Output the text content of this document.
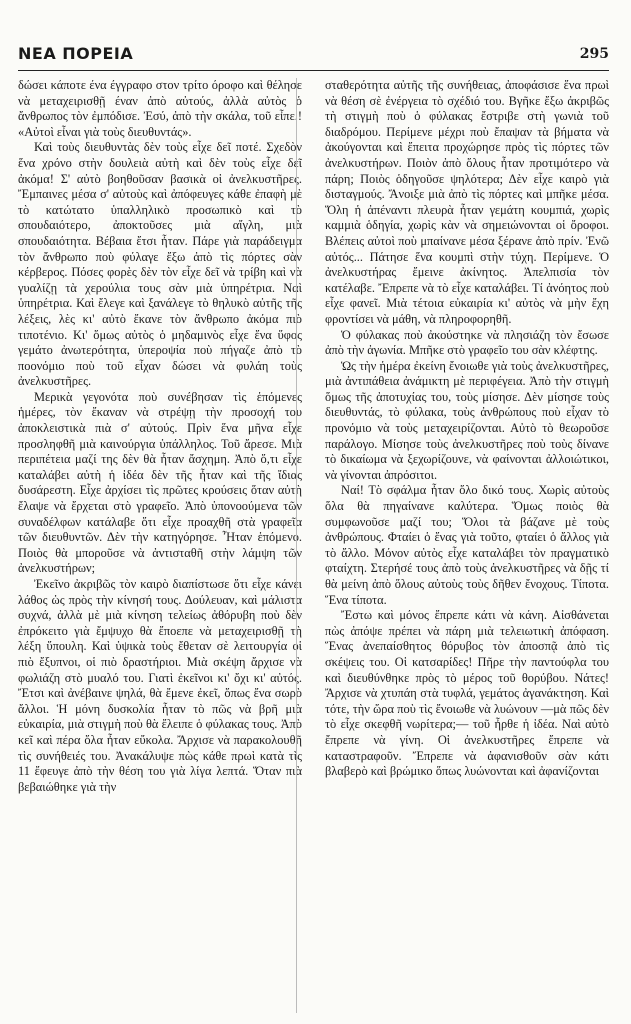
ΝΕΑ ΠΟΡΕΙΑ	295

δώσει κάποτε ένα έγγραφο στον τρίτο όροφο καὶ θέλησε νὰ μεταχειρισθῇ έναν ἀπὸ αὐτούς, ἀλλὰ αὐτὸς ὁ ἄνθρωπος τὸν ἐμπόδισε. Ἐσύ, ἀπὸ τὴν σκάλα, τοῦ εἶπε.! «Αὐτοὶ εἶναι γιὰ τοὺς διευθυντάς».

Καὶ τοὺς διευθυντὰς δὲν τοὺς εἶχε δεῖ ποτέ. Σχεδὸν ἕνα χρόνο στὴν δουλειὰ αὐτὴ καὶ δὲν τοὺς εἶχε δεῖ ἀκόμα! Σ' αὐτὸ βοηθοῦσαν βασικὰ οἱ ἀνελκυστῆρες. Ἔμπαινες μέσα σ' αὐτοὺς καὶ ἀπόφευγες κάθε ἐπαφὴ μὲ τὸ κατώτατο ὑπαλληλικὸ προσωπικὸ καὶ τὸ σπουδαιότερο, ἀποκτοῦσες μιὰ αἴγλη, μιὰ σπουδαιότητα. Βέβαια ἔτσι ἦταν. Πάρε γιὰ παράδειγμα τὸν ἄνθρωπο ποὺ φύλαγε ἔξω ἀπὸ τὶς πόρτες σὰν κέρβερος. Πόσες φορὲς δὲν τὸν εἶχε δεῖ νὰ τρίβη καὶ νὰ γυαλίζῃ τὰ χερούλια τους σὰν μιὰ ὑπηρέτρια. Ναὶ ὑπηρέτρια. Καὶ ἔλεγε καὶ ξανάλεγε τὸ θηλυκὸ αὐτῆς τῆς λέξεις, λὲς κι' αὐτὸ ἔκανε τὸν ἄνθρωπο ἀκόμα πιὸ τιποτένιο. Κι' ὅμως αὐτὸς ὁ μηδαμινὸς εἶχε ἕνα ὕφος γεμάτο ἀνωτερότητα, ὑπεροψία ποὺ πήγαζε ἀπὸ τὸ ποονόμιο ποὺ τοῦ εἶχαν δώσει νὰ φυλάη τοὺς ἀνελκυστῆρες.

Μερικὰ γεγονότα ποὺ συνέβησαν τὶς ἑπόμενες ἡμέρες, τὸν ἔκαναν νὰ στρέψῃ τὴν προσοχή του ἀποκλειστικὰ πιὰ σ' αὐτούς. Πρὶν ἕνα μῆνα εἶχε προσληφθῆ μιὰ καινούργια ὑπάλληλος. Τοῦ ἄρεσε. Μιὰ περιπέτεια μαζί της δὲν θὰ ἦταν ἄσχημη. Ἀπὸ ὅ,τι εἶχε καταλάβει αὐτὴ ἡ ἰδέα δὲν τῆς ἦταν καὶ τῆς ἴδιας δυσάρεστη. Εἶχε ἀρχίσει τὶς πρῶτες κρούσεις ὅταν αὐτὴ ἔλαψε νὰ ἔρχεται στὸ γραφεῖο. Ἀπὸ ὑπονοούμενα τῶν συναδέλφων κατάλαβε ὅτι εἶχε προαχθῆ στὰ γραφεῖα τῶν διευθυντῶν. Δὲν τὴν κατηγόρησε. Ἦταν ἑπόμενο. Ποιὸς θὰ μποροῦσε νὰ ἀντισταθῆ στὴν λάμψη τῶν ἀνελκυστήρων;

Ἐκεῖνο ἀκριβῶς τὸν καιρὸ διαπίστωσε ὅτι εἶχε κάνει λάθος ὡς πρὸς τὴν κίνησή τους. Δούλευαν, καὶ μάλιστα συχνά, ἀλλὰ μὲ μιὰ κίνηση τελείως ἀθόρυβη ποὺ δὲν ἐπρόκειτο γιὰ ἔμψυχο θὰ ἔποεπε νὰ μεταχειρισθῇ τὴ λέξη ὕπουλη. Καὶ ὑψικὰ τοὺς ἔθεταν σὲ λειτουργία οἱ πιὸ ἔξυπνοι, οἱ πιὸ δραστήριοι. Μιὰ σκέψη ἄρχισε νὰ φωλιάζη στὸ μυαλό του. Γιατὶ ἐκεῖνοι κι' ὄχι κι' αὐτός. Ἔτσι καὶ ἀνέβαινε ψηλά, θὰ ἔμενε ἐκεῖ, ὅπως ἔνα σωρὸ ἄλλοι. Ἡ μόνη δυσκολία ἦταν τὸ πῶς νὰ βρῆ μιὰ εὐκαιρία, μιὰ στιγμὴ ποὺ θὰ ἔλειπε ὁ φύλακας τους. Ἀπὸ κεῖ καὶ πέρα ὅλα ἦταν εὔκολα. Ἄρχισε νὰ παρακολουθῆ τὶς συνήθειές του. Ἀνακάλυψε πὼς κάθε πρωὶ κατὰ τὶς 11 ἔφευγε ἀπὸ τὴν θέση του γιὰ λίγα λεπτά. Ὅταν πιὰ βεβαιώθηκε γιὰ τὴν

σταθερότητα αὐτῆς τῆς συνήθειας, ἀποφάσισε ἕνα πρωὶ νὰ θέση σὲ ἐνέργεια τὸ σχέδιό του. Βγῆκε ἔξω ἀκριβῶς τὴ στιγμὴ ποὺ ὁ φύλακας ἔστριβε στὴ γωνιὰ τοῦ διαδρόμου. Περίμενε μέχρι ποὺ ἔπαψαν τὰ βήματα νὰ ἀκούγονται καὶ ἔπειτα προχώρησε πρὸς τὶς πόρτες τῶν ἀνελκυστήρων. Ποιὸν ἀπὸ ὅλους ἦταν προτιμότερο νὰ πάρη; Ποιὸς ὁδηγοῦσε ψηλότερα; Δὲν εἶχε καιρὸ γιὰ δισταγμούς. Ἄνοιξε μιὰ ἀπὸ τὶς πόρτες καὶ μπῆκε μέσα. Ὅλη ἡ ἀπέναντι πλευρὰ ἦταν γεμάτη κουμπιά, χωρὶς καμμιὰ ὁδηγία, χωρὶς κὰν νὰ σημειώνονται οἱ ὄροφοι. Βλέπεις αὐτοὶ ποὺ μπαίνανε μέσα ξέρανε ἀπὸ πρίν. Ἐνῶ αὐτός... Πάτησε ἕνα κουμπὶ στὴν τύχη. Περίμενε. Ὁ ἀνελκυστήρας ἔμεινε ἀκίνητος. Ἀπελπισία τὸν κατέλαβε. Ἔπρεπε νὰ τὸ εἶχε καταλάβει. Τί ἀνόητος ποὺ εἶχε φανεῖ. Μιὰ τέτοια εὐκαιρία κι' αὐτὸς νὰ μὴν ἔχη φροντίσει νὰ μάθη, νὰ πληροφορηθῆ.

Ὁ φύλακας ποὺ ἀκούστηκε νὰ πλησιάζη τὸν ἔσωσε ἀπὸ τὴν ἀγωνία. Μπῆκε στὸ γραφεῖο του σὰν κλέφτης.

Ὡς τὴν ἡμέρα ἐκείνη ἔνοιωθε γιὰ τοὺς ἀνελκυστῆρες, μιὰ ἀντιπάθεια ἀνάμικτη μὲ περιφέγεια. Ἀπὸ τὴν στιγμὴ ὅμως τῆς ἀποτυχίας του, τοὺς μίσησε. Δὲν μίσησε τοὺς διευθυντάς, τὸ φύλακα, τοὺς ἀνθρώπους ποὺ εἶχαν τὸ προνόμιο νὰ τοὺς μεταχειρίζονται. Αὐτὸ τὸ θεωροῦσε παράλογο. Μίσησε τοὺς ἀνελκυστῆρες ποὺ τοὺς δίνανε τὸ δικαίωμα νὰ ξεχωρίζουνε, νὰ φαίνονται ἀλλοιώτικοι, νὰ γίνονται ἀπρόσιτοι.

Ναί! Τὸ σφάλμα ἦταν ὅλο δικό τους. Χωρὶς αὐτοὺς ὅλα θὰ πηγαίνανε καλύτερα. Ὅμως ποιὸς θὰ συμφωνοῦσε μαζί του; Ὅλοι τὰ βάζανε μὲ τοὺς ἀνθρώπους. Φταίει ὁ ἕνας γιὰ τοῦτο, φταίει ὁ ἄλλος γιὰ τὸ ἄλλο. Μόνον αὐτὸς εἶχε καταλάβει τὸν πραγματικὸ φταίχτη. Στερήσέ τους ἀπὸ τοὺς ἀνελκυστῆρες νὰ δῇς τί θὰ μείνη ἀπὸ ὅλους αὐτοὺς τοὺς δῆθεν ἔνοχους. Τίποτα. Ἕνα τίποτα.

Ἔστω καὶ μόνος ἔπρεπε κάτι νὰ κάνη. Αἰσθάνεται πὼς ἀπόψε πρέπει νὰ πάρη μιὰ τελειωτικὴ ἀπόφαση. Ἕνας ἀνεπαίσθητος θόρυβος τὸν ἀποσπᾷ ἀπὸ τὶς σκέψεις του. Οἱ κατσαρίδες! Πῆρε τὴν παντούφλα του καὶ διευθύνθηκε πρὸς τὸ μέρος τοῦ θορύβου. Νάτες! Ἄρχισε νὰ χτυπάη στὰ τυφλά, γεμάτος ἀγανάκτηση. Καὶ τότε, τὴν ὥρα ποὺ τὶς ἔνοιωθε νὰ λυώνουν —μὰ πῶς δὲν τὸ εἶχε σκεφθῆ νωρίτερα;— τοῦ ἦρθε ἡ ἰδέα. Ναὶ αὐτὸ ἔπρεπε νὰ γίνη. Οἱ ἀνελκυστῆρες ἔπρεπε νὰ καταστραφοῦν. Ἔπρεπε νὰ ἀφανισθοῦν σὰν κάτι βλαβερὸ καὶ βρώμικο ὅπως λυώνονται καὶ ἀφανίζονται
